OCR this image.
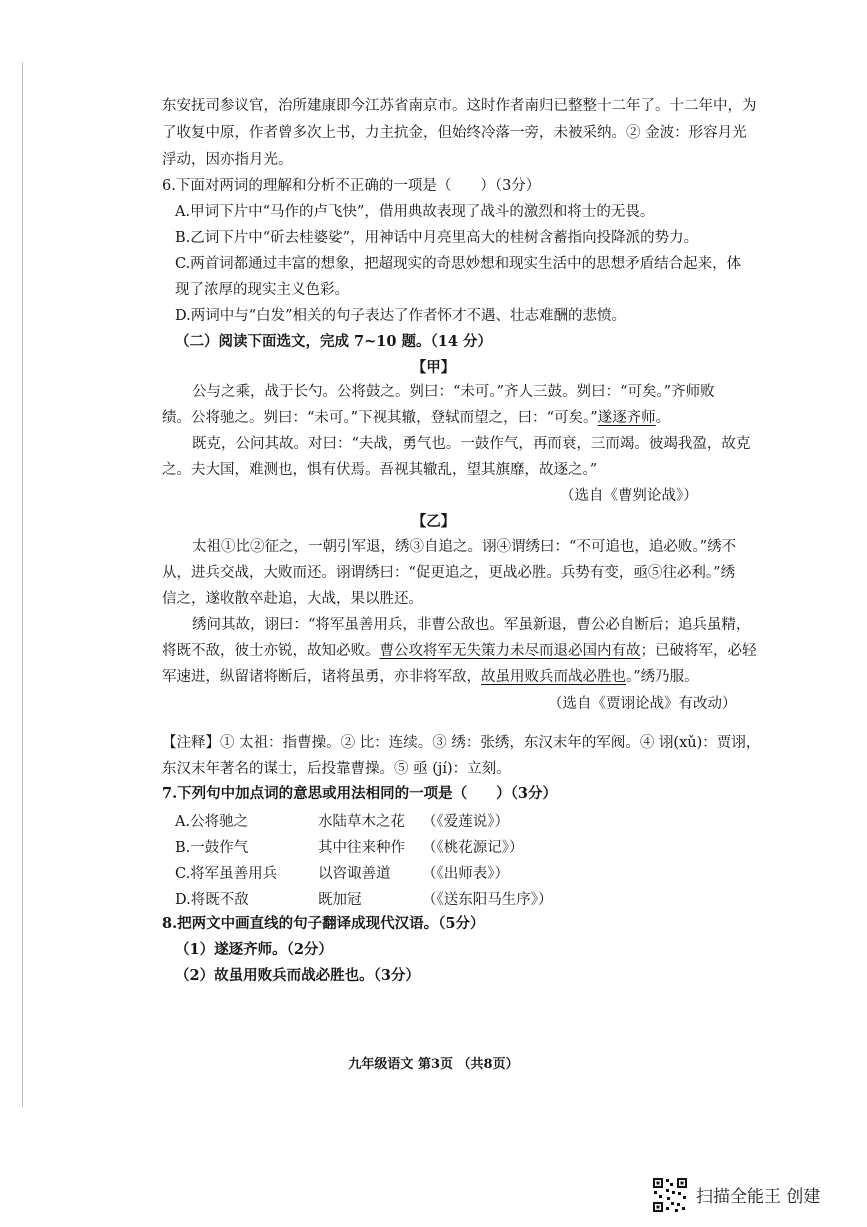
东安抚司参议官，治所建康即今江苏省南京市。这时作者南归已整整十二年了。十二年中，为
了收复中原，作者曾多次上书，力主抗金，但始终冷落一旁，未被采纳。② 金波：形容月光
浮动，因亦指月光。
6.下面对两词的理解和分析不正确的一项是（　　）（3分）
A.甲词下片中“马作的卢飞快”，借用典故表现了战斗的激烈和将士的无畏。
B.乙词下片中“斫去桂婆娑”，用神话中月亮里高大的桂树含蓄指向投降派的势力。
C.两首词都通过丰富的想象，把超现实的奇思妙想和现实生活中的思想矛盾结合起来，体
现了浓厚的现实主义色彩。
D.两词中与“白发”相关的句子表达了作者怀才不遇、壮志难酬的悲愤。
（二）阅读下面选文，完成 7~10 题。（14 分）
【甲】
公与之乘，战于长勺。公将鼓之。刿曰：“未可。”齐人三鼓。刿曰：“可矣。”齐师败
绩。公将驰之。刿曰：“未可。”下视其辙，登轼而望之，曰：“可矣。”遂逐齐师。
既克，公问其故。对曰：“夫战，勇气也。一鼓作气，再而衰，三而竭。彼竭我盈，故克
之。夫大国，难测也，惧有伏焉。吾视其辙乱，望其旗靡，故逐之。”
（选自《曹刿论战》）
【乙】
太祖①比②征之，一朝引军退，绣③自追之。诩④谓绣曰：“不可追也，追必败。”绣不
从，进兵交战，大败而还。诩谓绣曰：“促更追之，更战必胜。兵势有变，亟⑤往必利。”绣
信之，遂收散卒赴追，大战，果以胜还。
绣问其故，诩曰：“将军虽善用兵，非曹公敌也。军虽新退，曹公必自断后；追兵虽精，
将既不敌，彼士亦锐，故知必败。曹公攻将军无失策力未尽而退必国内有故；已破将军，必轻
军速进，纵留诸将断后，诸将虽勇，亦非将军敌，故虽用败兵而战必胜也。”绣乃服。
（选自《贾诩论战》有改动）
【注释】① 太祖：指曹操。② 比：连续。③ 绣：张绣，东汉末年的军阀。④ 诩(xǔ)：贾诩，
东汉末年著名的谋士，后投靠曹操。⑤ 亟 (jí)：立刻。
7.下列句中加点词的意思或用法相同的一项是（　　）（3分）
A.公将驰之	水陆草木之花 （《爱莲说》）
B.一鼓作气	其中往来种作 （《桃花源记》）
C.将军虽善用兵	以咨诹善道 （《出师表》）
D.将既不敌	既加冠	（《送东阳马生序》）
8.把两文中画直线的句子翻译成现代汉语。（5分）
（1）遂逐齐师。（2分）
（2）故虽用败兵而战必胜也。（3分）
九年级语文 第3页 （共8页）
扫描全能王 创建
